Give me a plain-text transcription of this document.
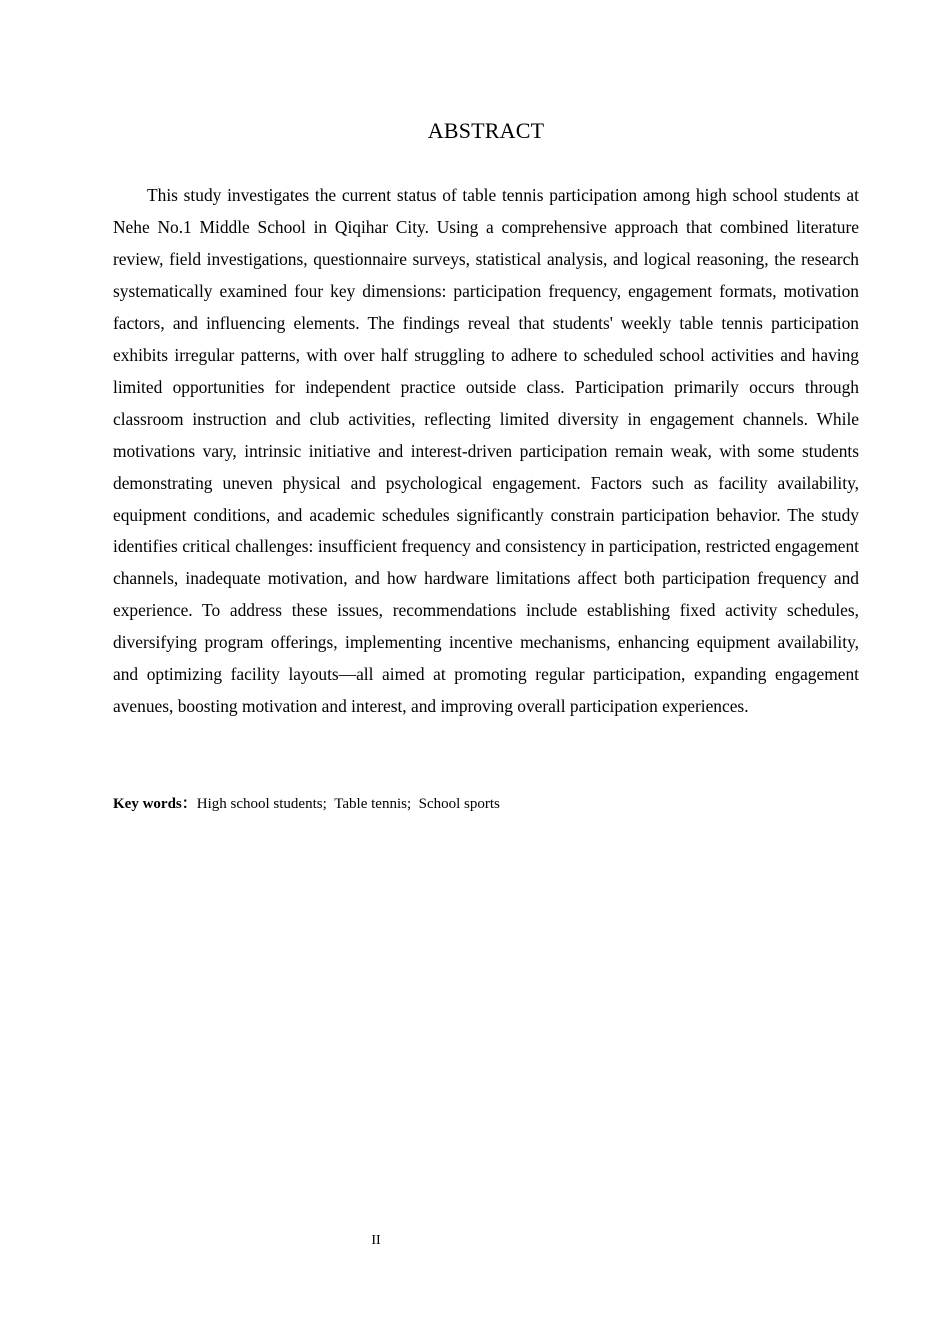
ABSTRACT

This study investigates the current status of table tennis participation among high school students at Nehe No.1 Middle School in Qiqihar City. Using a comprehensive approach that combined literature review, field investigations, questionnaire surveys, statistical analysis, and logical reasoning, the research systematically examined four key dimensions: participation frequency, engagement formats, motivation factors, and influencing elements. The findings reveal that students' weekly table tennis participation exhibits irregular patterns, with over half struggling to adhere to scheduled school activities and having limited opportunities for independent practice outside class. Participation primarily occurs through classroom instruction and club activities, reflecting limited diversity in engagement channels. While motivations vary, intrinsic initiative and interest-driven participation remain weak, with some students demonstrating uneven physical and psychological engagement. Factors such as facility availability, equipment conditions, and academic schedules significantly constrain participation behavior. The study identifies critical challenges: insufficient frequency and consistency in participation, restricted engagement channels, inadequate motivation, and how hardware limitations affect both participation frequency and experience. To address these issues, recommendations include establishing fixed activity schedules, diversifying program offerings, implementing incentive mechanisms, enhancing equipment availability, and optimizing facility layouts—all aimed at promoting regular participation, expanding engagement avenues, boosting motivation and interest, and improving overall participation experiences.

Key words：High school students; Table tennis; School sports
II
